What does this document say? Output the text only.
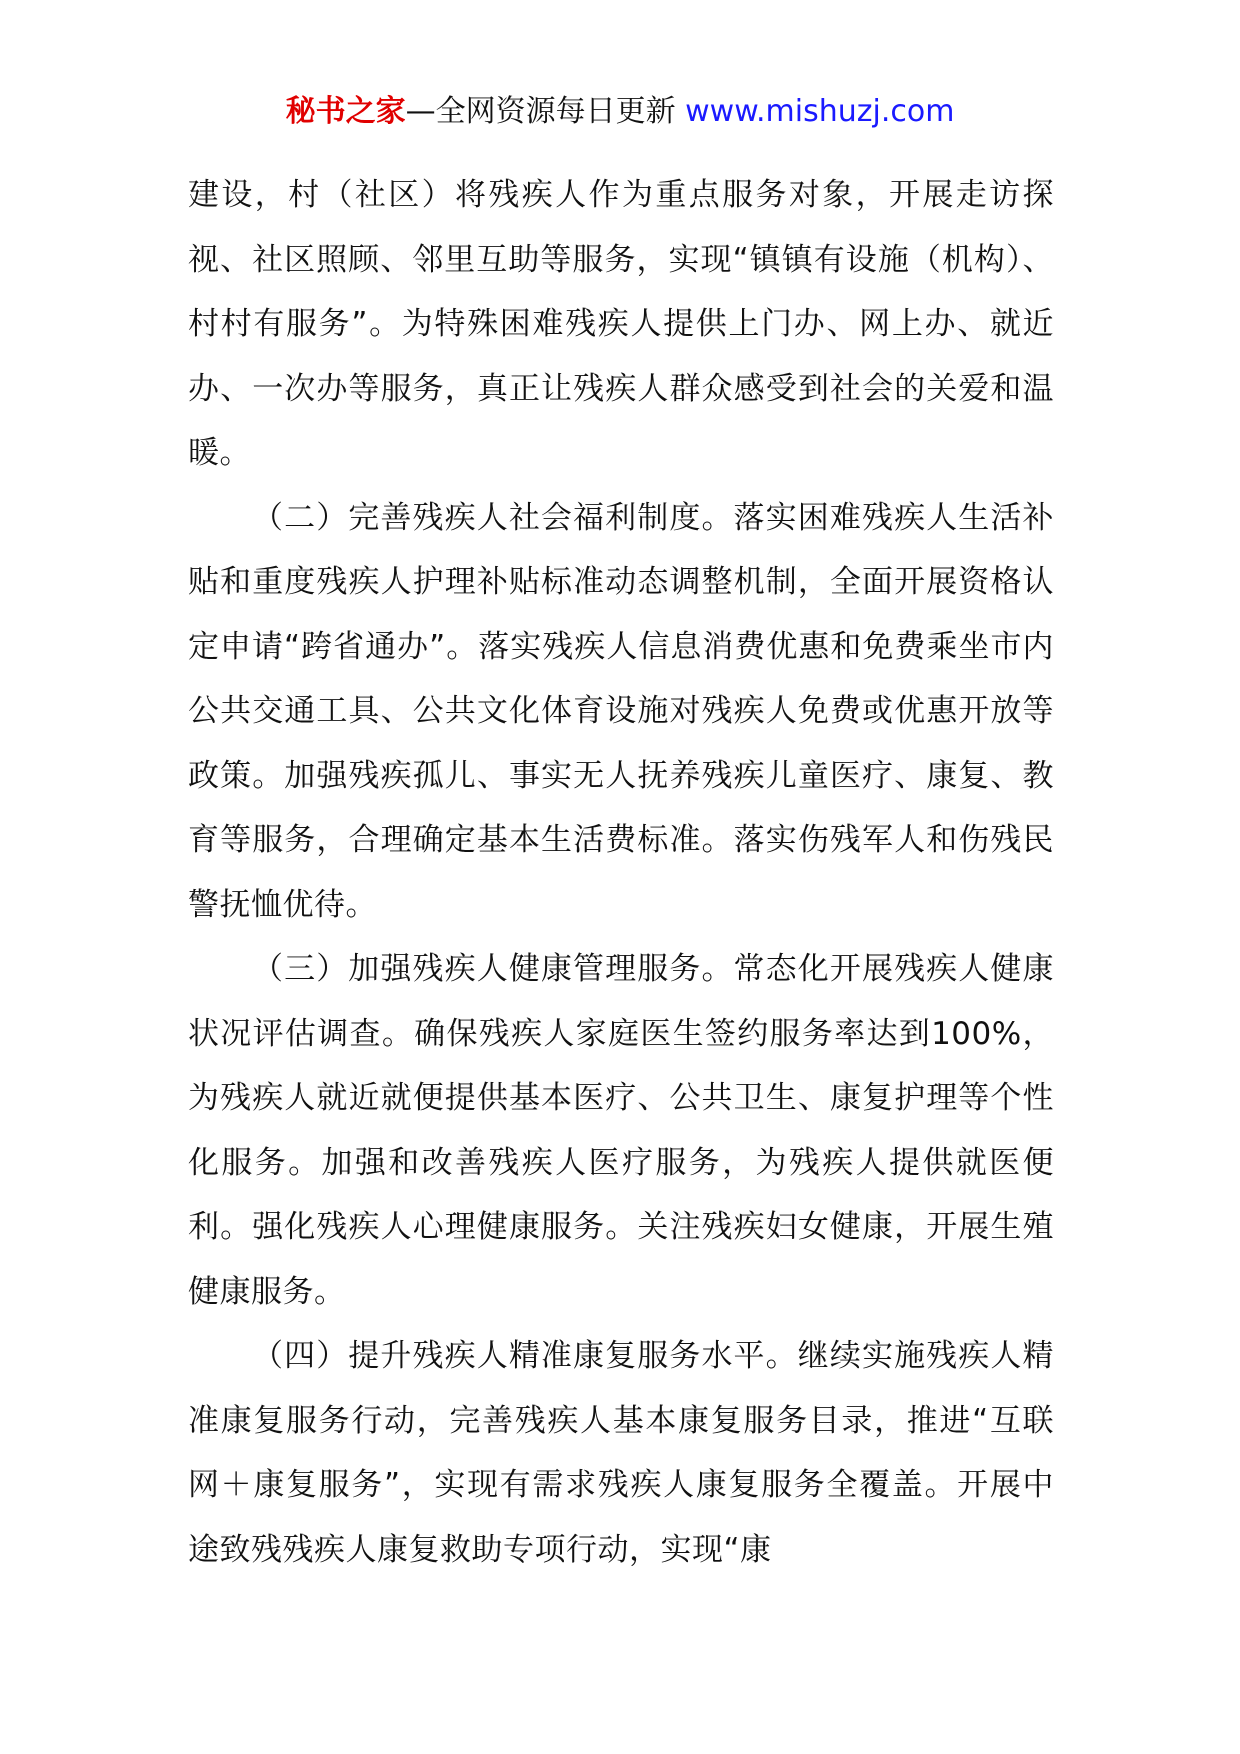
秘书之家—全网资源每日更新 www.mishuzj.com

建设，村（社区）将残疾人作为重点服务对象，开展走访探视、社区照顾、邻里互助等服务，实现“镇镇有设施（机构）、村村有服务”。为特殊困难残疾人提供上门办、网上办、就近办、一次办等服务，真正让残疾人群众感受到社会的关爱和温暖。

（二）完善残疾人社会福利制度。落实困难残疾人生活补贴和重度残疾人护理补贴标准动态调整机制，全面开展资格认定申请“跨省通办”。落实残疾人信息消费优惠和免费乘坐市内公共交通工具、公共文化体育设施对残疾人免费或优惠开放等政策。加强残疾孤儿、事实无人抚养残疾儿童医疗、康复、教育等服务，合理确定基本生活费标准。落实伤残军人和伤残民警抚恤优待。

（三）加强残疾人健康管理服务。常态化开展残疾人健康状况评估调查。确保残疾人家庭医生签约服务率达到100%，为残疾人就近就便提供基本医疗、公共卫生、康复护理等个性化服务。加强和改善残疾人医疗服务，为残疾人提供就医便利。强化残疾人心理健康服务。关注残疾妇女健康，开展生殖健康服务。

（四）提升残疾人精准康复服务水平。继续实施残疾人精准康复服务行动，完善残疾人基本康复服务目录，推进“互联网＋康复服务”，实现有需求残疾人康复服务全覆盖。开展中途致残残疾人康复救助专项行动，实现“康
